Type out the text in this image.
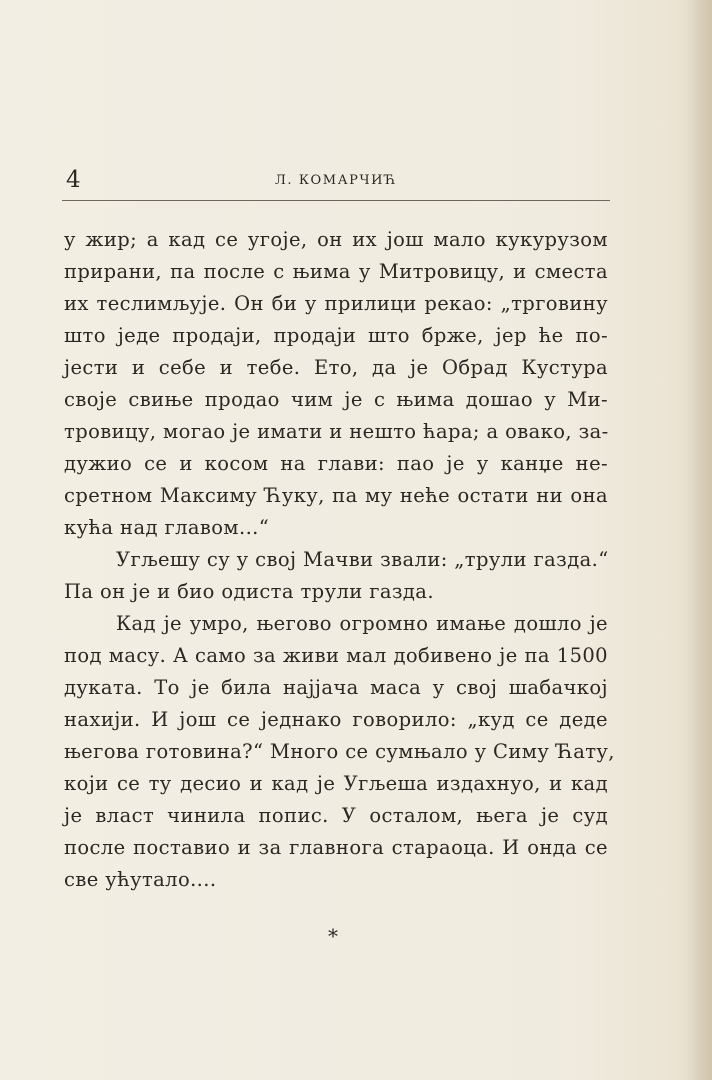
4	Л. КОМАРЧИЋ
у жир; а кад се угоје, он их још мало кукурузом
прирани, па после с њима у Митровицу, и сместа
их теслимљује. Он би у прилици рекао: „трговину
што једе продаји, продаји што брже, јер ће по-
јести и себе и тебе. Ето, да је Обрад Кустура
своје свиње продао чим је с њима дошао у Ми-
тровицу, могао је имати и нешто ћара; а овако, за-
дужио се и косом на глави: пао је у канџе не-
сретном Максиму Ћуку, па му неће остати ни она
кућа над главом...“
Угљешу су у свој Мачви звали: „трули газда.“
Па он је и био одиста трули газда.
Кад је умро, његово огромно имање дошло је
под масу. А само за живи мал добивено је па 1500
дуката. То је била најјача маса у свој шабачкој
нахији. И још се једнако говорило: „куд се деде
његова готовина?“ Много се сумњало у Симу Ћату,
који се ту десио и кад је Угљеша издахнуо, и кад
је власт чинила попис. У осталом, њега је суд
после поставио и за главнога стараоца. И онда се
све ућутало....
*
